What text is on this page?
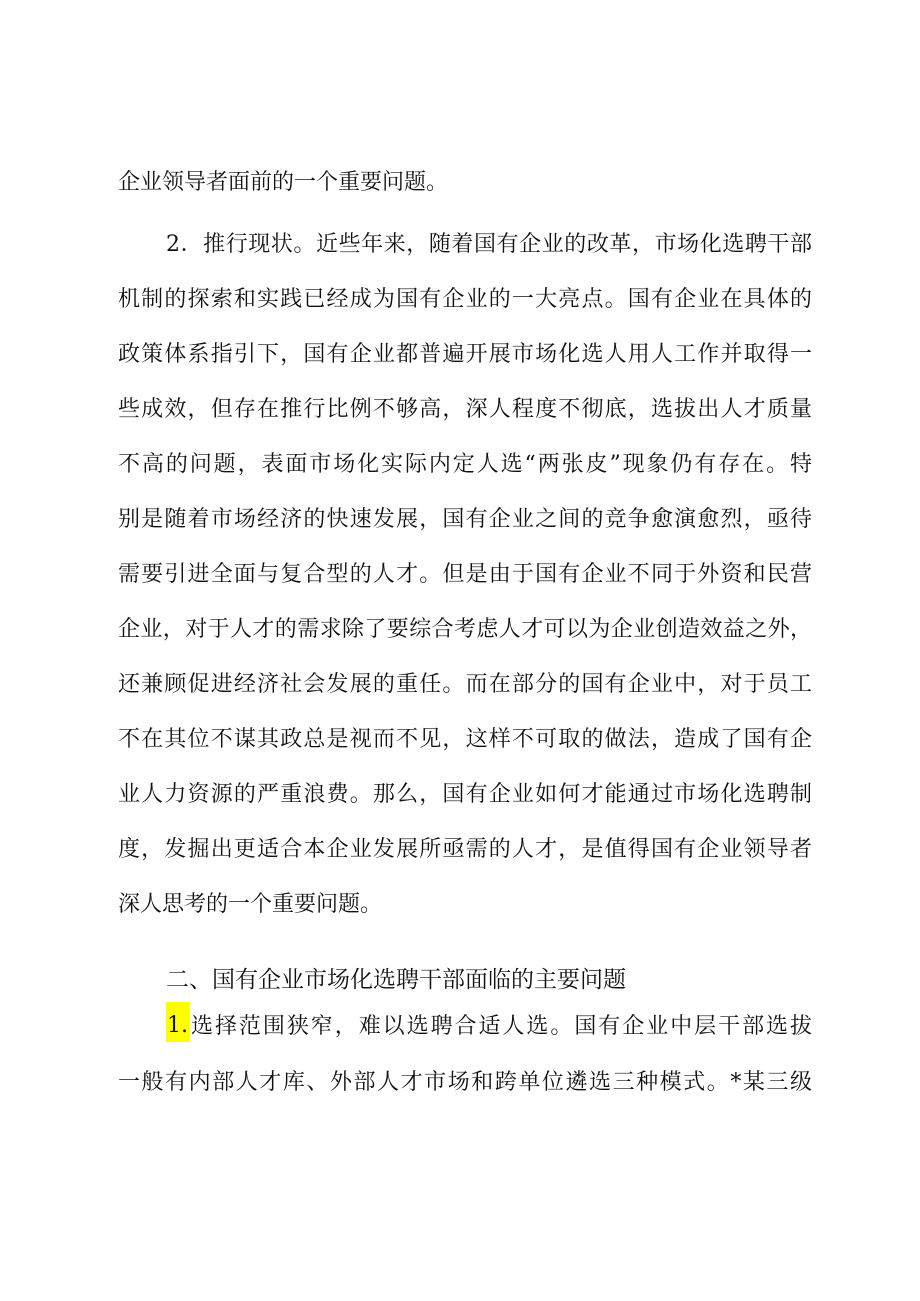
企业领导者面前的一个重要问题。
2．推行现状。近些年来，随着国有企业的改革，市场化选聘干部
机制的探索和实践已经成为国有企业的一大亮点。国有企业在具体的
政策体系指引下，国有企业都普遍开展市场化选人用人工作并取得一
些成效，但存在推行比例不够高，深人程度不彻底，选拔出人才质量
不高的问题，表面市场化实际内定人选“两张皮”现象仍有存在。特
别是随着市场经济的快速发展，国有企业之间的竞争愈演愈烈，亟待
需要引进全面与复合型的人才。但是由于国有企业不同于外资和民营
企业，对于人才的需求除了要综合考虑人才可以为企业创造效益之外，
还兼顾促进经济社会发展的重任。而在部分的国有企业中，对于员工
不在其位不谋其政总是视而不见，这样不可取的做法，造成了国有企
业人力资源的严重浪费。那么，国有企业如何才能通过市场化选聘制
度，发掘出更适合本企业发展所亟需的人才，是值得国有企业领导者
深人思考的一个重要问题。
二、国有企业市场化选聘干部面临的主要问题
1. 选择范围狭窄，难以选聘合适人选。国有企业中层干部选拔
一般有内部人才库、外部人才市场和跨单位遴选三种模式。*某三级
